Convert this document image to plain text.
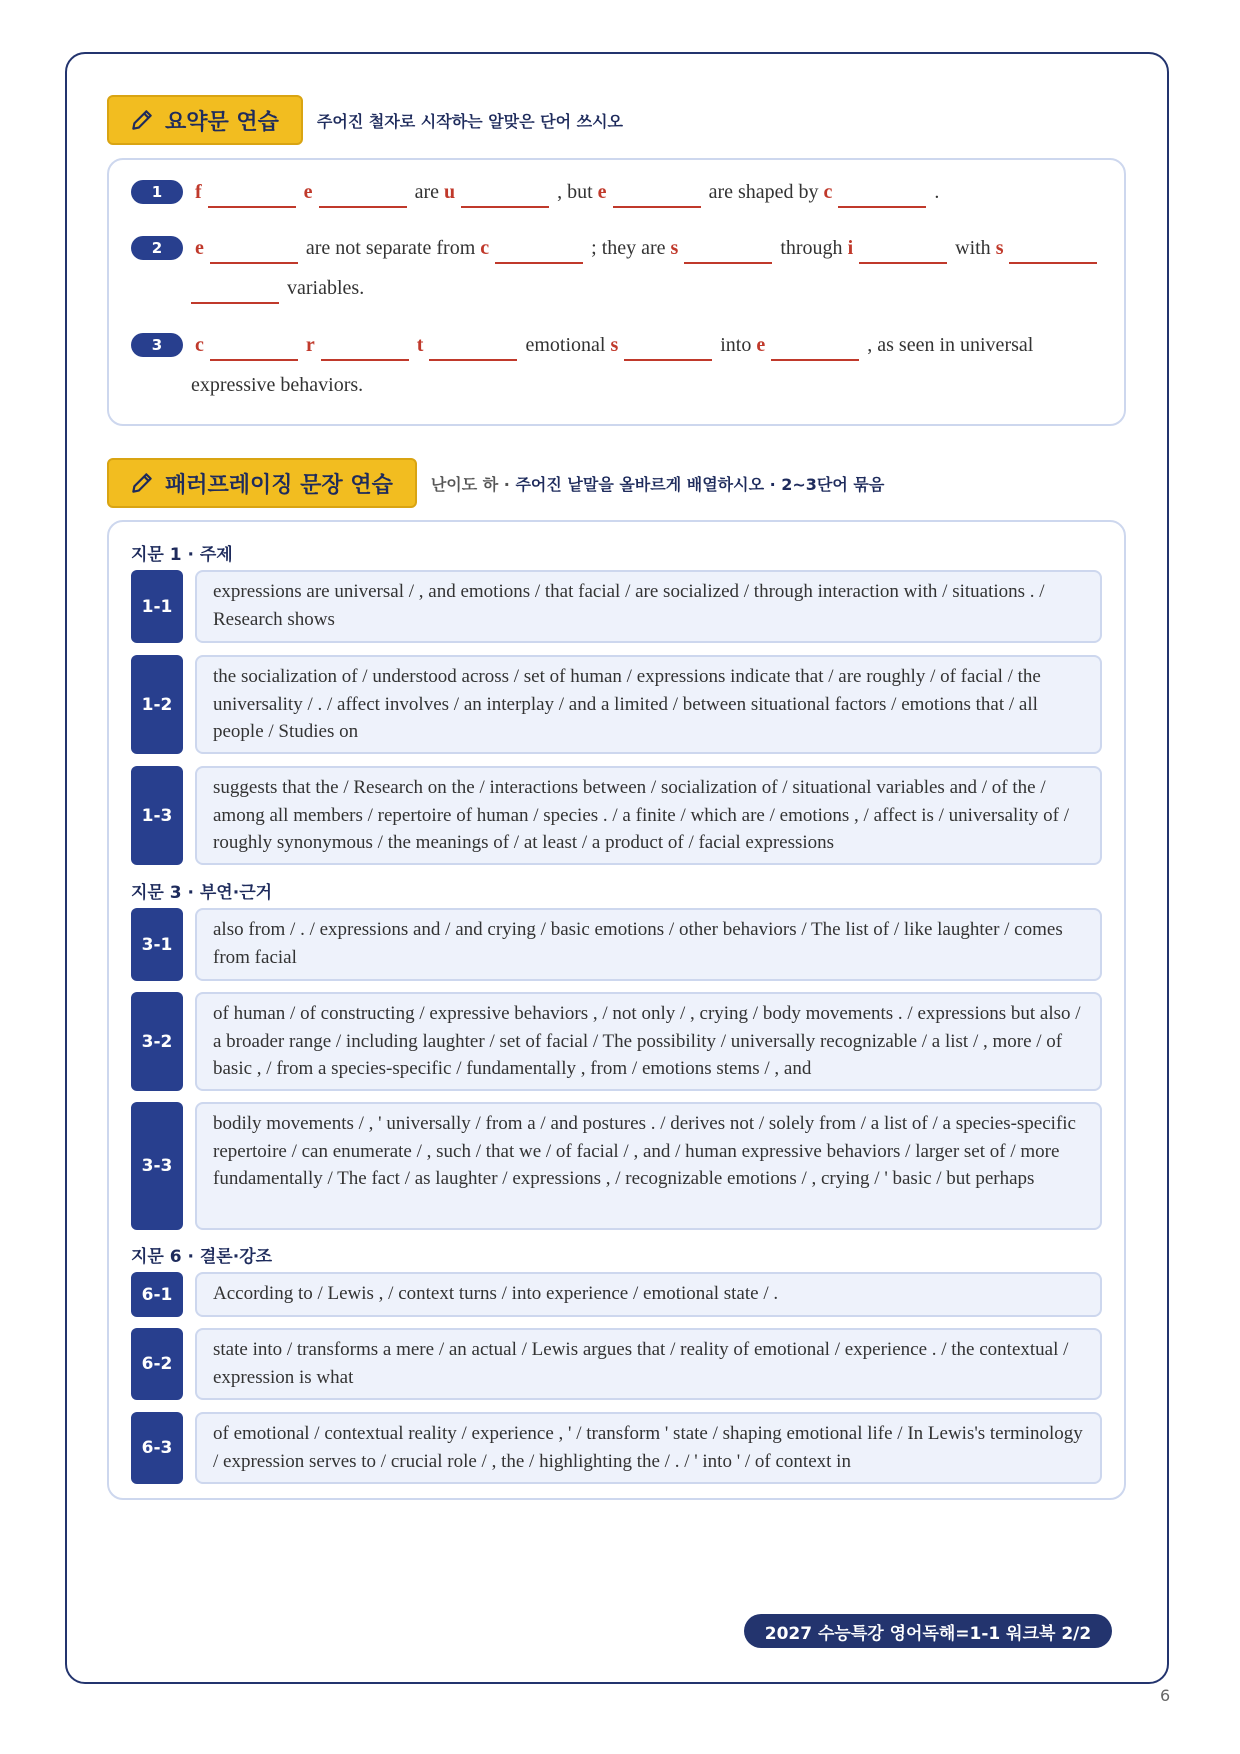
요약문 연습 주어진 철자로 시작하는 알맞은 단어 쓰시오
1	f	e	are u	, but e	are shaped by c	.
2	e	are not separate from c	; they are s	through i	with s
variables.
3	c	r	t	emotional s	into e	, as seen in universal
expressive behaviors.
패러프레이징 문장 연습 난이도 하 · 주어진 낱말을 올바르게 배열하시오 · 2~3단어 묶음
지문 1 · 주제
1-1
expressions are universal / , and emotions / that facial / are socialized / through interaction with / situations . / Research shows
1-2
the socialization of / understood across / set of human / expressions indicate that / are roughly / of facial / the universality / . / affect involves / an interplay / and a limited / between situational factors / emotions that / all people / Studies on
1-3
suggests that the / Research on the / interactions between / socialization of / situational variables and / of the / among all members / repertoire of human / species . / a finite / which are / emotions , / affect is / universality of / roughly synonymous / the meanings of / at least / a product of / facial expressions
지문 3 · 부연·근거
3-1
also from / . / expressions and / and crying / basic emotions / other behaviors / The list of / like laughter / comes from facial
3-2
of human / of constructing / expressive behaviors , / not only / , crying / body movements . / expressions but also / a broader range / including laughter / set of facial / The possibility / universally recognizable / a list / , more / of basic , / from a species-specific / fundamentally , from / emotions stems / , and
3-3
bodily movements / , ' universally / from a / and postures . / derives not / solely from / a list of / a species-specific repertoire / can enumerate / , such / that we / of facial / , and / human expressive behaviors / larger set of / more fundamentally / The fact / as laughter / expressions , / recognizable emotions / , crying / ' basic / but perhaps
지문 6 · 결론·강조
6-1	According to / Lewis , / context turns / into experience / emotional state / .
6-2
state into / transforms a mere / an actual / Lewis argues that / reality of emotional / experience . / the contextual / expression is what
6-3
of emotional / contextual reality / experience , ' / transform ' state / shaping emotional life / In Lewis's terminology / expression serves to / crucial role / , the / highlighting the / . / ' into ' / of context in
2027 수능특강 영어독해=1-1 워크북 2/2
6
